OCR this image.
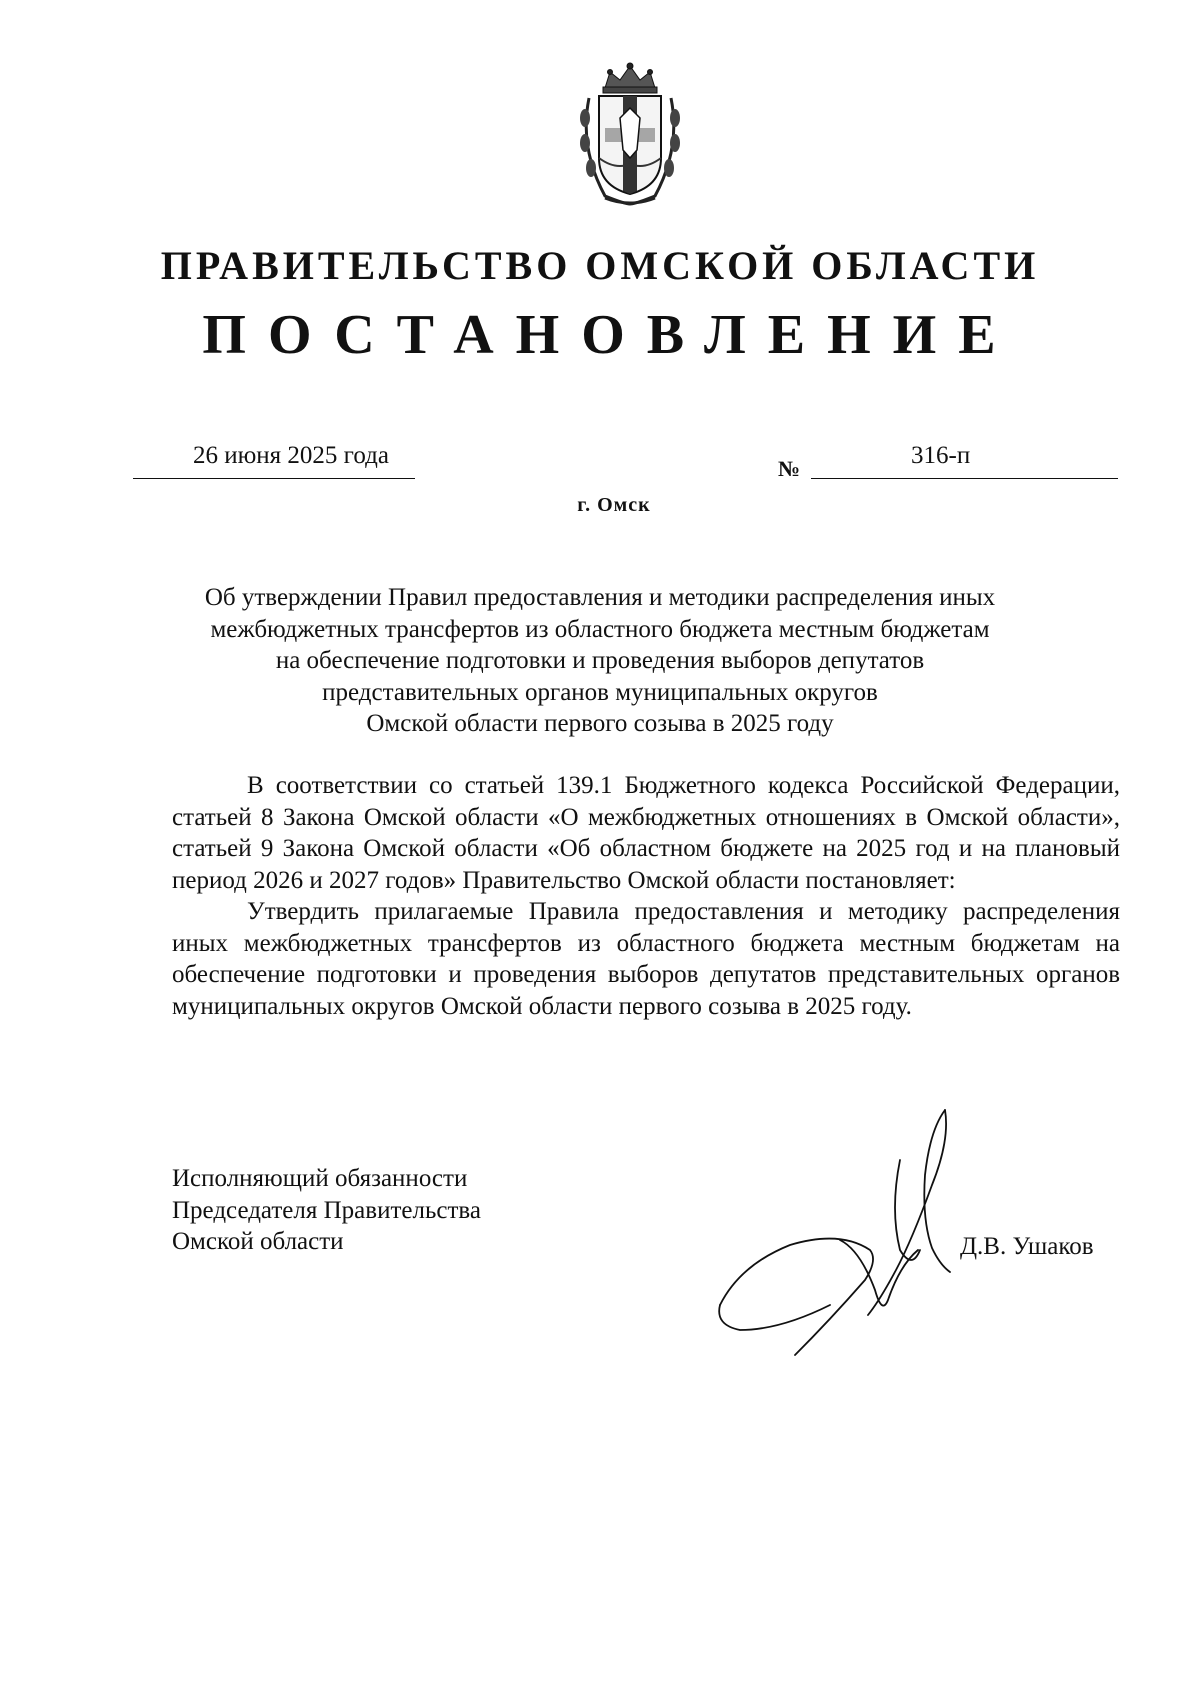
ПРАВИТЕЛЬСТВО ОМСКОЙ ОБЛАСТИ
ПОСТАНОВЛЕНИЕ
26 июня 2025 года	№	316-п
г. Омск
Об утверждении Правил предоставления и методики распределения иных
межбюджетных трансфертов из областного бюджета местным бюджетам
на обеспечение подготовки и проведения выборов депутатов
представительных органов муниципальных округов
Омской области первого созыва в 2025 году

В соответствии со статьей 139.1 Бюджетного кодекса Российской Федерации, статьей 8 Закона Омской области «О межбюджетных отношениях в Омской области», статьей 9 Закона Омской области «Об областном бюджете на 2025 год и на плановый период 2026 и 2027 годов» Правительство Омской области постановляет:

Утвердить прилагаемые Правила предоставления и методику распределения иных межбюджетных трансфертов из областного бюджета местным бюджетам на обеспечение подготовки и проведения выборов депутатов представительных органов муниципальных округов Омской области первого созыва в 2025 году.

Исполняющий обязанности
Председателя Правительства
Омской области	Д.В. Ушаков
